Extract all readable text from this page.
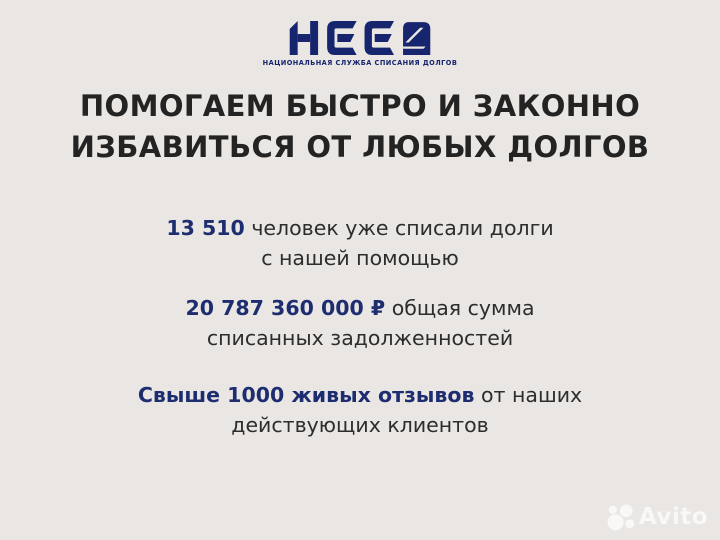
НАЦИОНАЛЬНАЯ СЛУЖБА СПИСАНИЯ ДОЛГОВ
ПОМОГАЕМ БЫСТРО И ЗАКОННО
ИЗБАВИТЬСЯ ОТ ЛЮБЫХ ДОЛГОВ
13 510 человек уже списали долги
с нашей помощью
20 787 360 000 ₽ общая сумма
списанных задолженностей
Свыше 1000 живых отзывов от наших
действующих клиентов
Avito
